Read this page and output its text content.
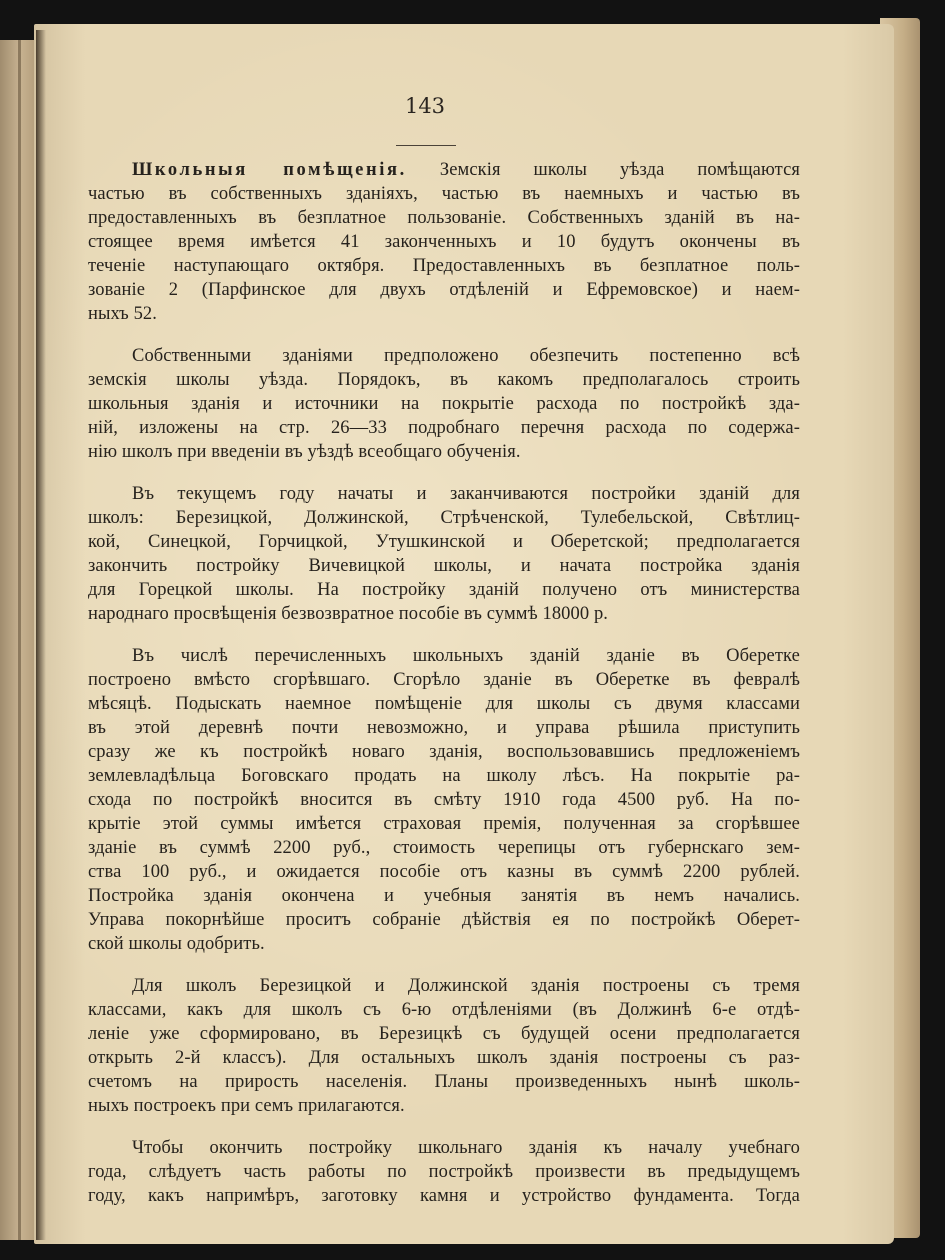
143
Школьныя помѣщенія. Земскія школы уѣзда помѣщаются
частью въ собственныхъ зданіяхъ, частью въ наемныхъ и частью въ
предоставленныхъ въ безплатное пользованіе. Собственныхъ зданій въ на-
стоящее время имѣется 41 законченныхъ и 10 будутъ окончены въ
теченіе наступающаго октября. Предоставленныхъ въ безплатное поль-
зованіе 2 (Парфинское для двухъ отдѣленій и Ефремовское) и наем-
ныхъ 52.
Собственными зданіями предположено обезпечить постепенно всѣ
земскія школы уѣзда. Порядокъ, въ какомъ предполагалось строить
школьныя зданія и источники на покрытіе расхода по постройкѣ зда-
ній, изложены на стр. 26—33 подробнаго перечня расхода по содержа-
нію школъ при введеніи въ уѣздѣ всеобщаго обученія.
Въ текущемъ году начаты и заканчиваются постройки зданій для
школъ: Березицкой, Должинской, Стрѣченской, Тулебельской, Свѣтлиц-
кой, Синецкой, Горчицкой, Утушкинской и Оберетской; предполагается
закончить постройку Вичевицкой школы, и начата постройка зданія
для Горецкой школы. На постройку зданій получено отъ министерства
народнаго просвѣщенія безвозвратное пособіе въ суммѣ 18000 р.
Въ числѣ перечисленныхъ школьныхъ зданій зданіе въ Оберетке
построено вмѣсто сгорѣвшаго. Сгорѣло зданіе въ Оберетке въ февралѣ
мѣсяцѣ. Подыскать наемное помѣщеніе для школы съ двумя классами
въ этой деревнѣ почти невозможно, и управа рѣшила приступить
сразу же къ постройкѣ новаго зданія, воспользовавшись предложеніемъ
землевладѣльца Боговскаго продать на школу лѣсъ. На покрытіе ра-
схода по постройкѣ вносится въ смѣту 1910 года 4500 руб. На по-
крытіе этой суммы имѣется страховая премія, полученная за сгорѣвшее
зданіе въ суммѣ 2200 руб., стоимость черепицы отъ губернскаго зем-
ства 100 руб., и ожидается пособіе отъ казны въ суммѣ 2200 рублей.
Постройка зданія окончена и учебныя занятія въ немъ начались.
Управа покорнѣйше проситъ собраніе дѣйствія ея по постройкѣ Оберет-
ской школы одобрить.
Для школъ Березицкой и Должинской зданія построены съ тремя
классами, какъ для школъ съ 6-ю отдѣленіями (въ Должинѣ 6-е отдѣ-
леніе уже сформировано, въ Березицкѣ съ будущей осени предполагается
открыть 2-й классъ). Для остальныхъ школъ зданія построены съ раз-
счетомъ на прирость населенія. Планы произведенныхъ нынѣ школь-
ныхъ построекъ при семъ прилагаются.
Чтобы окончить постройку школьнаго зданія къ началу учебнаго
года, слѣдуетъ часть работы по постройкѣ произвести въ предыдущемъ
году, какъ напримѣръ, заготовку камня и устройство фундамента. Тогда
